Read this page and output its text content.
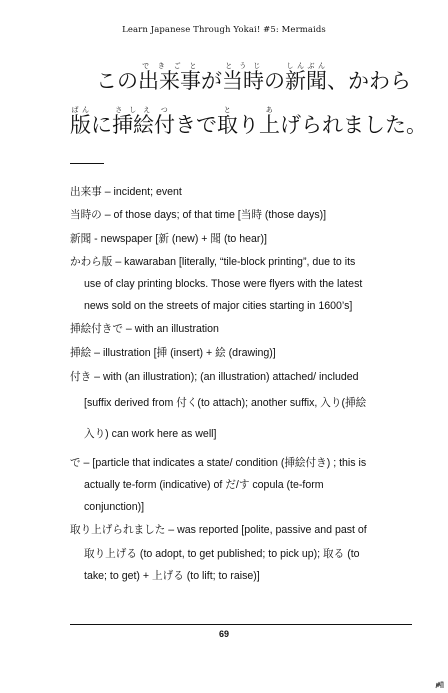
Learn Japanese Through Yokai! #5: Mermaids
この出来事できごとが当時とうじの新聞しんぶん、かわら
版ばんに挿絵さしえ付つきで取とり上あげられました。
出来事 – incident; event
当時の – of those days; of that time [当時 (those days)]
新聞 - newspaper [新 (new) + 聞 (to hear)]
かわら版 – kawaraban [literally, “tile-block printing”, due to its
use of clay printing blocks. Those were flyers with the latest
news sold on the streets of major cities starting in 1600’s]
挿絵付きで – with an illustration
挿絵 – illustration [挿 (insert) + 絵 (drawing)]
付き – with (an illustration); (an illustration) attached/ included
[suffix derived from 付く(to attach); another suffix, 入り(挿絵
入り) can work here as well]
で – [particle that indicates a state/ condition (挿絵付き) ; this is
actually te-form (indicative) of だ/す copula (te-form
conjunction)]
取り上げられました – was reported [polite, passive and past of
取り上げる (to adopt, to get published; to pick up); 取る (to
take; to get) + 上げる (to lift; to raise)]
69
